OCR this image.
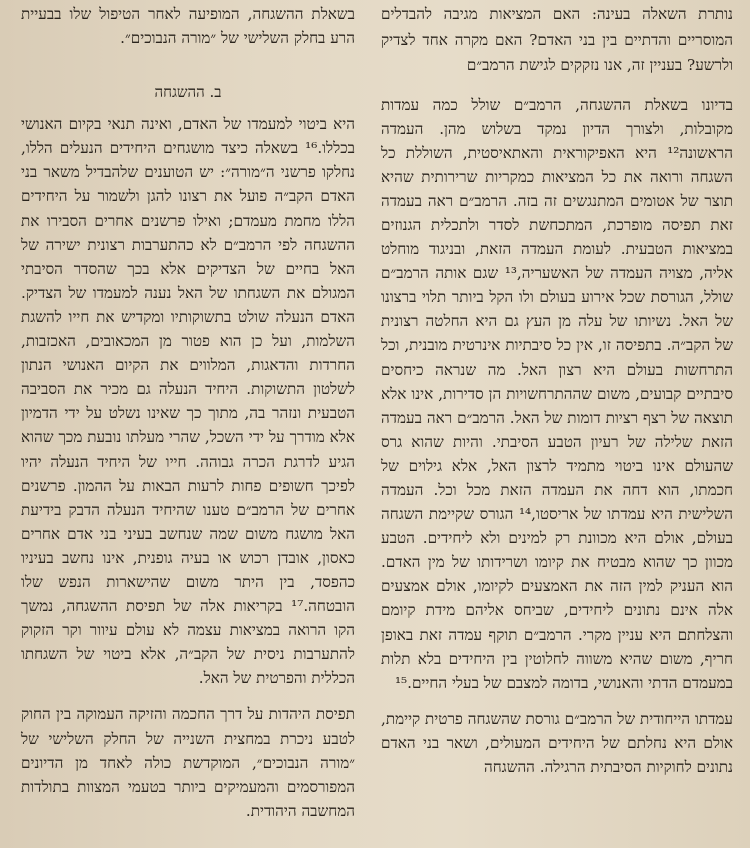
נותרת השאלה בעינה: האם המציאות מגיבה להבדלים המוסריים והדתיים בין בני האדם? האם מקרה אחד לצדיק ולרשע? בעניין זה, אנו נזקקים לגישת הרמב״ם

בדיונו בשאלת ההשגחה, הרמב״ם שולל כמה עמדות מקובלות, ולצורך הדיון נמקד בשלוש מהן. העמדה הראשונה¹² היא האפיקוראית והאתאיסטית, השוללת כל השגחה ורואה את כל המציאות כמקריות שרירותית שהיא תוצר של אטומים המתנגשים זה בזה. הרמב״ם ראה בעמדה זאת תפיסה מופרכת, המתכחשת לסדר ולתכלית הגנוזים במציאות הטבעית. לעומת העמדה הזאת, ובניגוד מוחלט אליה, מצויה העמדה של האשעריה,¹³ שגם אותה הרמב״ם שולל, הגורסת שכל אירוע בעולם ולו הקל ביותר תלוי ברצונו של האל. נשיותו של עלה מן העץ גם היא החלטה רצונית של הקב״ה. בתפיסה זו, אין כל סיבתיות אינרטית מובנית, וכל התרחשות בעולם היא רצון האל. מה שנראה כיחסים סיבתיים קבועים, משום שההתרחשויות הן סדירות, אינו אלא תוצאה של רצף רציות דומות של האל. הרמב״ם ראה בעמדה הזאת שלילה של רעיון הטבע הסיבתי. והיות שהוא גרס שהעולם אינו ביטוי מתמיד לרצון האל, אלא גילוים של חכמתו, הוא דחה את העמדה הזאת מכל וכל. העמדה השלישית היא עמדתו של אריסטו,¹⁴ הגורס שקיימת השגחה בעולם, אולם היא מכוונת רק למינים ולא ליחידים. הטבע מכוון כך שהוא מבטיח את קיומו ושרידותו של מין האדם. הוא העניק למין הזה את האמצעים לקיומו, אולם אמצעים אלה אינם נתונים ליחידים, שביחס אליהם מידת קיומם והצלחתם היא עניין מקרי. הרמב״ם תוקף עמדה זאת באופן חריף, משום שהיא משווה לחלוטין בין היחידים בלא תלות במעמדם הדתי והאנושי, בדומה למצבם של בעלי החיים.¹⁵

עמדתו הייחודית של הרמב״ם גורסת שהשגחה פרטית קיימת, אולם היא נחלתם של היחידים המעולים, ושאר בני האדם נתונים לחוקיות הסיבתית הרגילה. ההשגחה

בשאלת ההשגחה, המופיעה לאחר הטיפול שלו בבעיית הרע בחלק השלישי של ״מורה הנבוכים״.

ב. ההשגחה

היא ביטוי למעמדו של האדם, ואינה תנאי בקיום האנושי בכללו.¹⁶ בשאלה כיצד מושגחים היחידים הנעלים הללו, נחלקו פרשני ה״מורה״: יש הטוענים שלהבדיל משאר בני האדם הקב״ה פועל את רצונו להגן ולשמור על היחידים הללו מחמת מעמדם; ואילו פרשנים אחרים הסבירו את ההשגחה לפי הרמב״ם לא כהתערבות רצונית ישירה של האל בחיים של הצדיקים אלא בכך שהסדר הסיבתי המגולם את השגחתו של האל נענה למעמדו של הצדיק. האדם הנעלה שולט בתשוקותיו ומקדיש את חייו להשגת השלמות, ועל כן הוא פטור מן המכאובים, האכזבות, החרדות והדאגות, המלווים את הקיום האנושי הנתון לשלטון התשוקות. היחיד הנעלה גם מכיר את הסביבה הטבעית ונזהר בה, מתוך כך שאינו נשלט על ידי הדמיון אלא מודרך על ידי השכל, שהרי מעלתו נובעת מכך שהוא הגיע לדרגת הכרה גבוהה. חייו של היחיד הנעלה יהיו לפיכך חשופים פחות לרעות הבאות על ההמון. פרשנים אחרים של הרמב״ם טענו שהיחיד הנעלה הדבק בידיעת האל מושגח משום שמה שנחשב בעיני בני אדם אחרים כאסון, אובדן רכוש או בעיה גופנית, אינו נחשב בעיניו כהפסד, בין היתר משום שהישארות הנפש שלו הובטחה.¹⁷ בקריאות אלה של תפיסת ההשגחה, נמשך הקו הרואה במציאות עצמה לא עולם עיוור וקר הזקוק להתערבות ניסית של הקב״ה, אלא ביטוי של השגחתו הכללית והפרטית של האל.

תפיסת היהדות על דרך החכמה והזיקה העמוקה בין החוק לטבע ניכרת במחצית השנייה של החלק השלישי של ״מורה הנבוכים״, המוקדשת כולה לאחד מן הדיונים המפורסמים והמעמיקים ביותר בטעמי המצוות בתולדות המחשבה היהודית.
